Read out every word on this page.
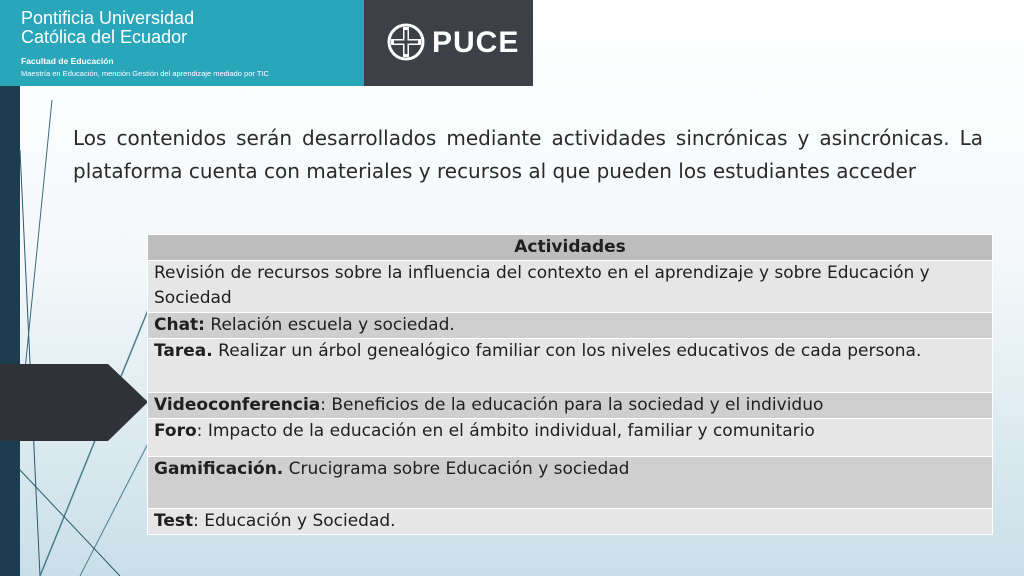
Pontificia Universidad
Católica del Ecuador
Facultad de Educación
Maestría en Educación, mención Gestión del aprendizaje mediado por TIC
PUCE
Los contenidos serán desarrollados mediante actividades sincrónicas y asincrónicas. La plataforma cuenta con materiales y recursos al que pueden los estudiantes acceder
Actividades
Revisión de recursos sobre la influencia del contexto en el aprendizaje y sobre Educación y Sociedad
Chat: Relación escuela y sociedad.
Tarea. Realizar un árbol genealógico familiar con los niveles educativos de cada persona.
Videoconferencia: Beneficios de la educación para la sociedad y el individuo
Foro: Impacto de la educación en el ámbito individual, familiar y comunitario
Gamificación. Crucigrama sobre Educación y sociedad
Test: Educación y Sociedad.
